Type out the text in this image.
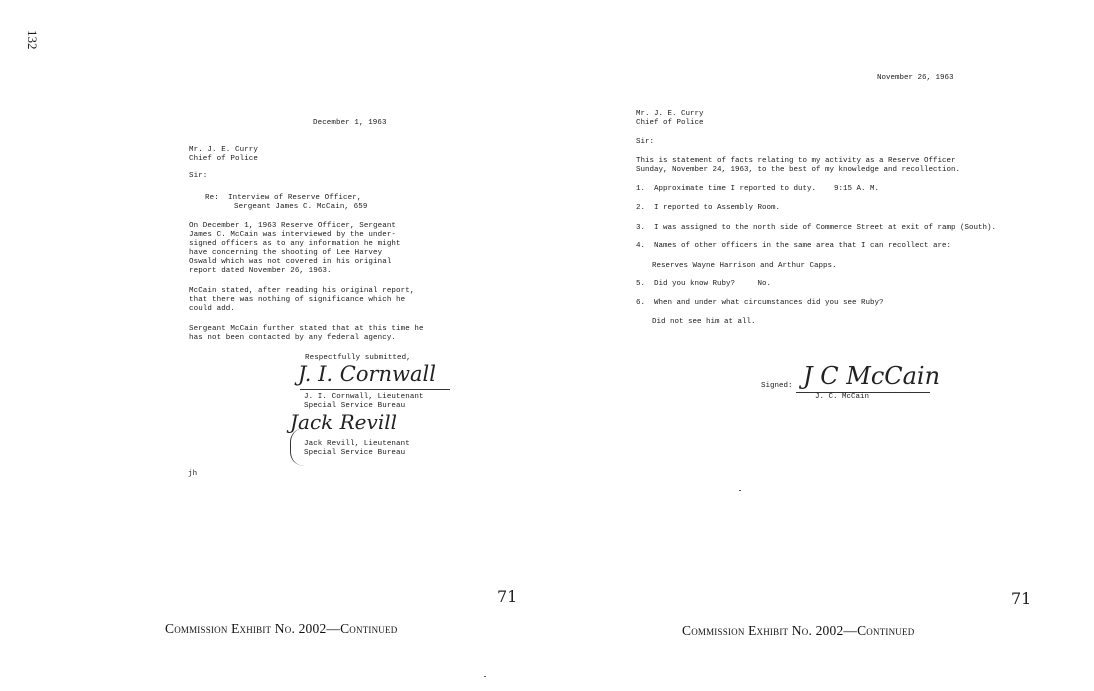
132
December 1, 1963
Mr. J. E. Curry
Chief of Police
Sir:
Re:  Interview of Reserve Officer,
Sergeant James C. McCain, 659
On December 1, 1963 Reserve Officer, Sergeant
James C. McCain was interviewed by the under-
signed officers as to any information he might
have concerning the shooting of Lee Harvey
Oswald which was not covered in his original
report dated November 26, 1963.
McCain stated, after reading his original report,
that there was nothing of significance which he
could add.
Sergeant McCain further stated that at this time he
has not been contacted by any federal agency.
Respectfully submitted,
J. I. Cornwall
J. I. Cornwall, Lieutenant
Special Service Bureau
Jack Revill
Jack Revill, Lieutenant
Special Service Bureau
jh
71
Commission Exhibit No. 2002—Continued
November 26, 1963
Mr. J. E. Curry
Chief of Police
Sir:
This is statement of facts relating to my activity as a Reserve Officer
Sunday, November 24, 1963, to the best of my knowledge and recollection.
1.  Approximate time I reported to duty.    9:15 A. M.
2.  I reported to Assembly Room.
3.  I was assigned to the north side of Commerce Street at exit of ramp (South).
4.  Names of other officers in the same area that I can recollect are:
Reserves Wayne Harrison and Arthur Capps.
5.  Did you know Ruby?     No.
6.  When and under what circumstances did you see Ruby?
Did not see him at all.
Signed: J C McCain
J. C. McCain
71
Commission Exhibit No. 2002—Continued
